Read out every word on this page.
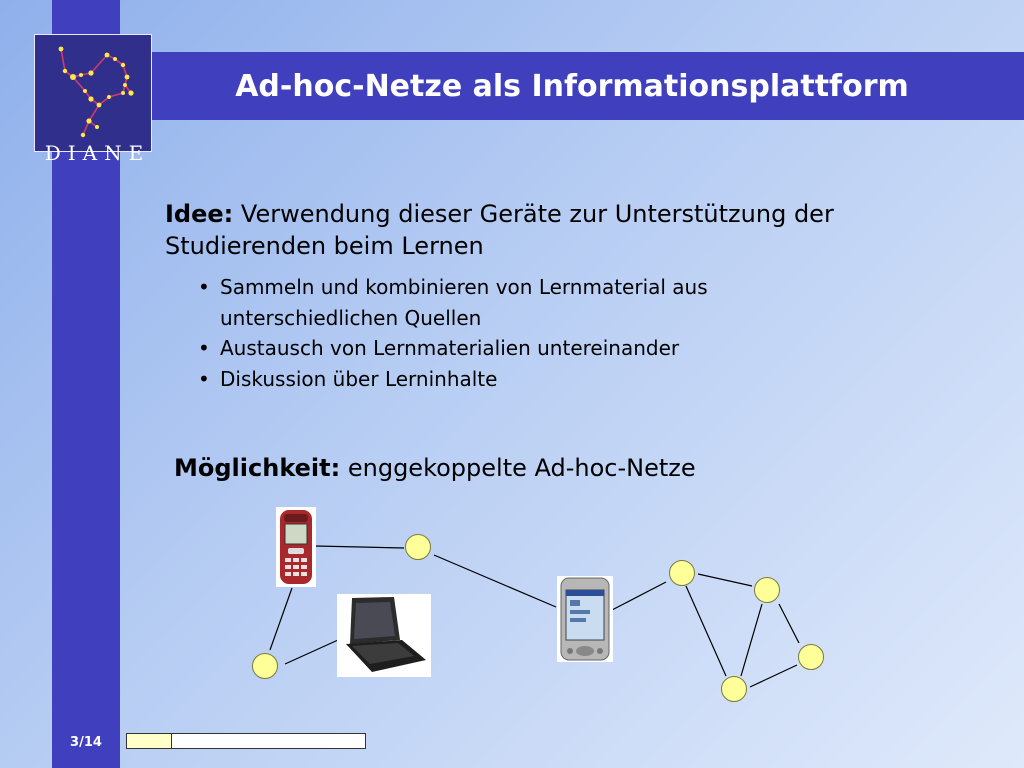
Ad-hoc-Netze als Informationsplattform
DIANE
Idee: Verwendung dieser Geräte zur Unterstützung der Studierenden beim Lernen
• Sammeln und kombinieren von Lernmaterial aus unterschiedlichen Quellen
• Austausch von Lernmaterialien untereinander
• Diskussion über Lerninhalte
Möglichkeit: enggekoppelte Ad-hoc-Netze
3/14
